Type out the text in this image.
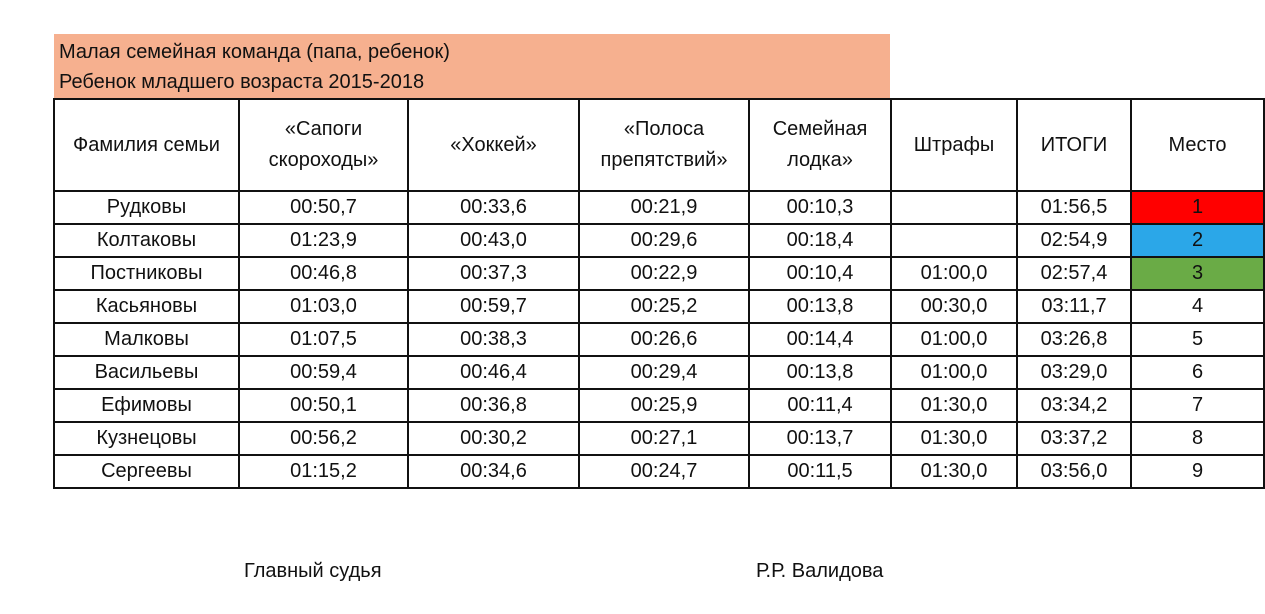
Малая семейная команда (папа, ребенок)
Ребенок младшего возраста 2015-2018
Фамилия семьи	«Сапоги скороходы»	«Хоккей»	«Полоса препятствий»	Семейная лодка»	Штрафы	ИТОГИ	Место
Рудковы	00:50,7	00:33,6	00:21,9	00:10,3		01:56,5	1
Колтаковы	01:23,9	00:43,0	00:29,6	00:18,4		02:54,9	2
Постниковы	00:46,8	00:37,3	00:22,9	00:10,4	01:00,0	02:57,4	3
Касьяновы	01:03,0	00:59,7	00:25,2	00:13,8	00:30,0	03:11,7	4
Малковы	01:07,5	00:38,3	00:26,6	00:14,4	01:00,0	03:26,8	5
Васильевы	00:59,4	00:46,4	00:29,4	00:13,8	01:00,0	03:29,0	6
Ефимовы	00:50,1	00:36,8	00:25,9	00:11,4	01:30,0	03:34,2	7
Кузнецовы	00:56,2	00:30,2	00:27,1	00:13,7	01:30,0	03:37,2	8
Сергеевы	01:15,2	00:34,6	00:24,7	00:11,5	01:30,0	03:56,0	9
Главный судья	Р.Р. Валидова
